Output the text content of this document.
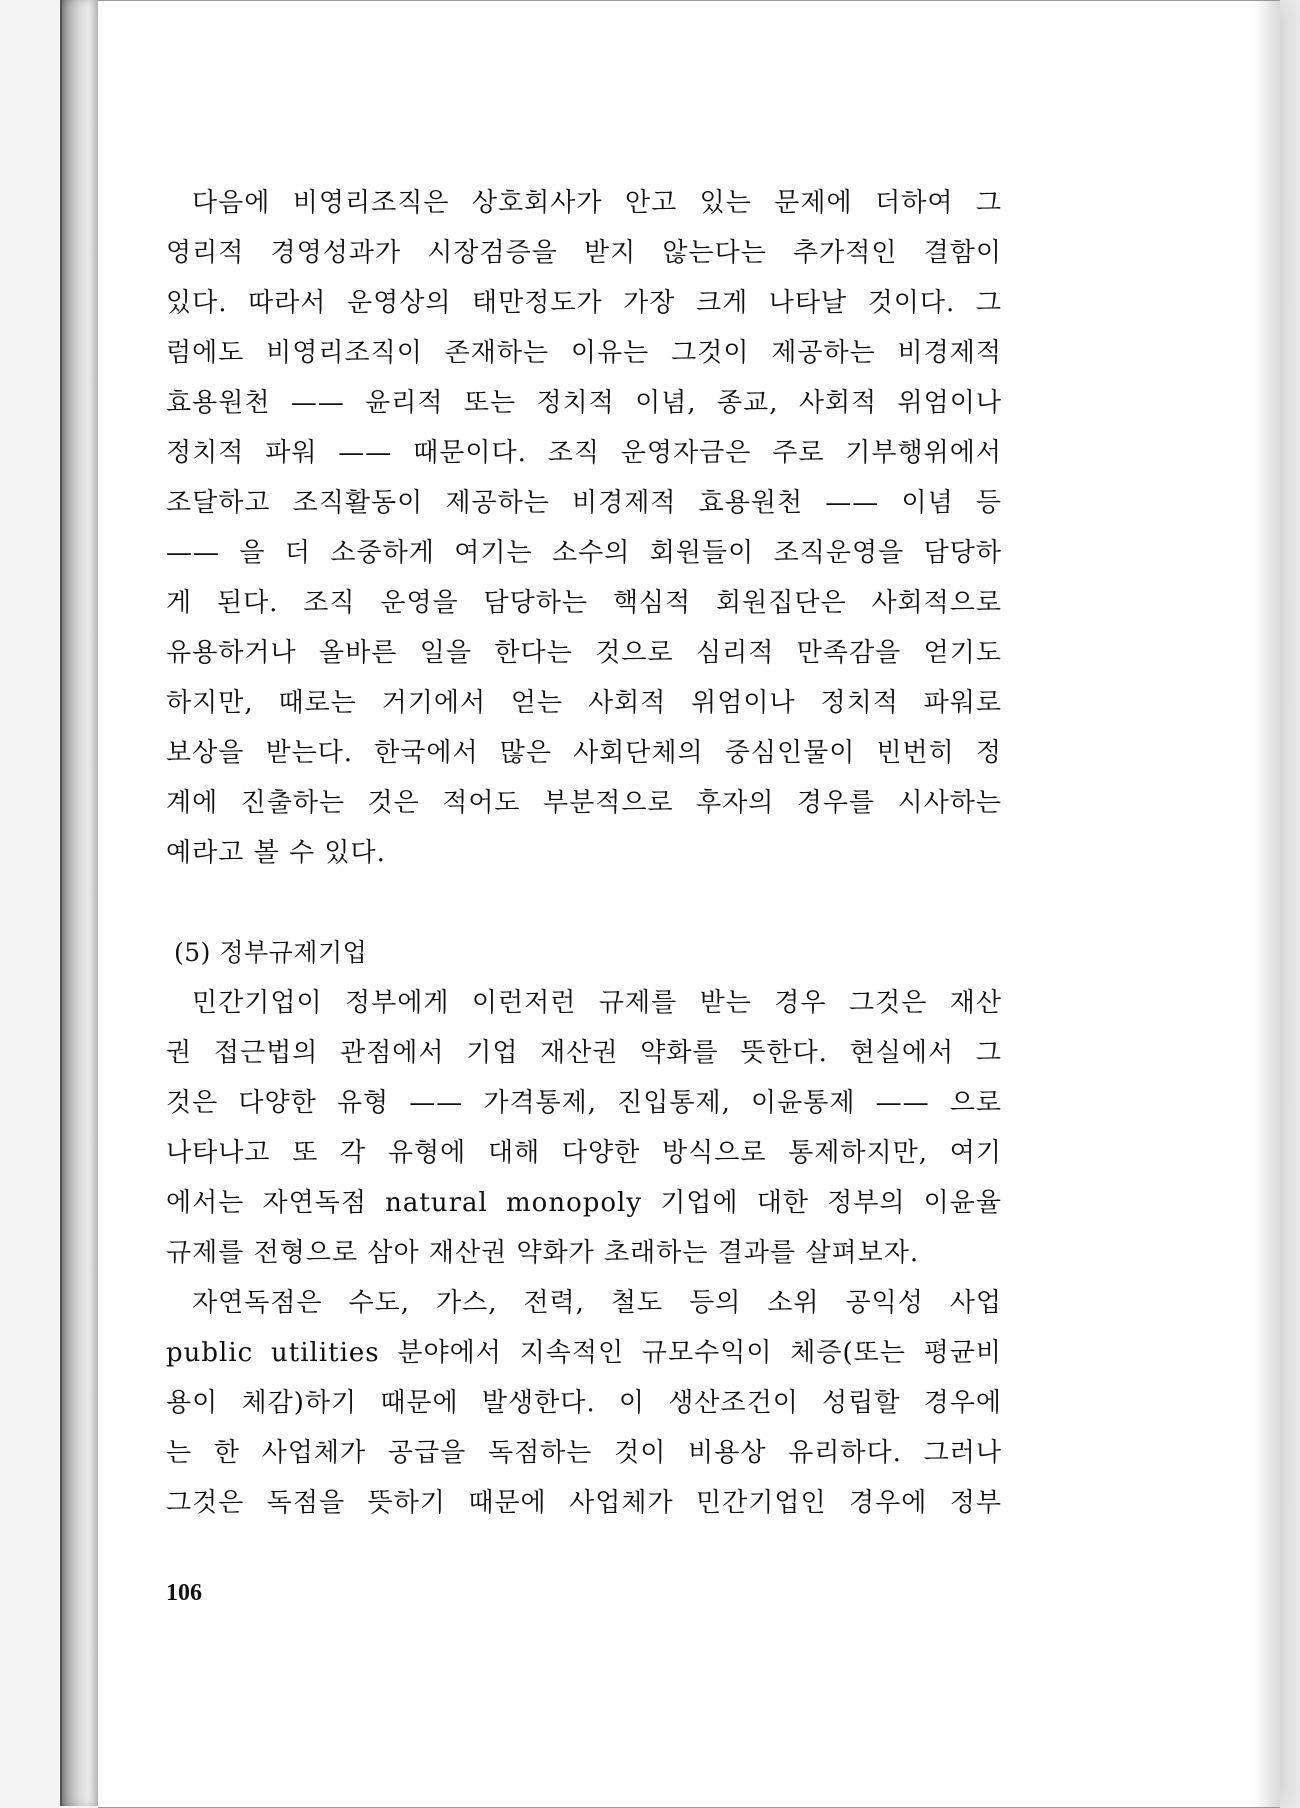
다음에 비영리조직은 상호회사가 안고 있는 문제에 더하여 그

영리적 경영성과가 시장검증을 받지 않는다는 추가적인 결함이

있다. 따라서 운영상의 태만정도가 가장 크게 나타날 것이다. 그

럼에도 비영리조직이 존재하는 이유는 그것이 제공하는 비경제적

효용원천 —— 윤리적 또는 정치적 이념, 종교, 사회적 위엄이나

정치적 파워 —— 때문이다. 조직 운영자금은 주로 기부행위에서

조달하고 조직활동이 제공하는 비경제적 효용원천 —— 이념 등

—— 을 더 소중하게 여기는 소수의 회원들이 조직운영을 담당하

게 된다. 조직 운영을 담당하는 핵심적 회원집단은 사회적으로

유용하거나 올바른 일을 한다는 것으로 심리적 만족감을 얻기도

하지만, 때로는 거기에서 얻는 사회적 위엄이나 정치적 파워로

보상을 받는다. 한국에서 많은 사회단체의 중심인물이 빈번히 정

계에 진출하는 것은 적어도 부분적으로 후자의 경우를 시사하는

예라고 볼 수 있다.

(5) 정부규제기업

민간기업이 정부에게 이런저런 규제를 받는 경우 그것은 재산

권 접근법의 관점에서 기업 재산권 약화를 뜻한다. 현실에서 그

것은 다양한 유형 —— 가격통제, 진입통제, 이윤통제 —— 으로

나타나고 또 각 유형에 대해 다양한 방식으로 통제하지만, 여기

에서는 자연독점 natural monopoly 기업에 대한 정부의 이윤율

규제를 전형으로 삼아 재산권 약화가 초래하는 결과를 살펴보자.

자연독점은 수도, 가스, 전력, 철도 등의 소위 공익성 사업

public utilities 분야에서 지속적인 규모수익이 체증(또는 평균비

용이 체감)하기 때문에 발생한다. 이 생산조건이 성립할 경우에

는 한 사업체가 공급을 독점하는 것이 비용상 유리하다. 그러나

그것은 독점을 뜻하기 때문에 사업체가 민간기업인 경우에 정부

106
